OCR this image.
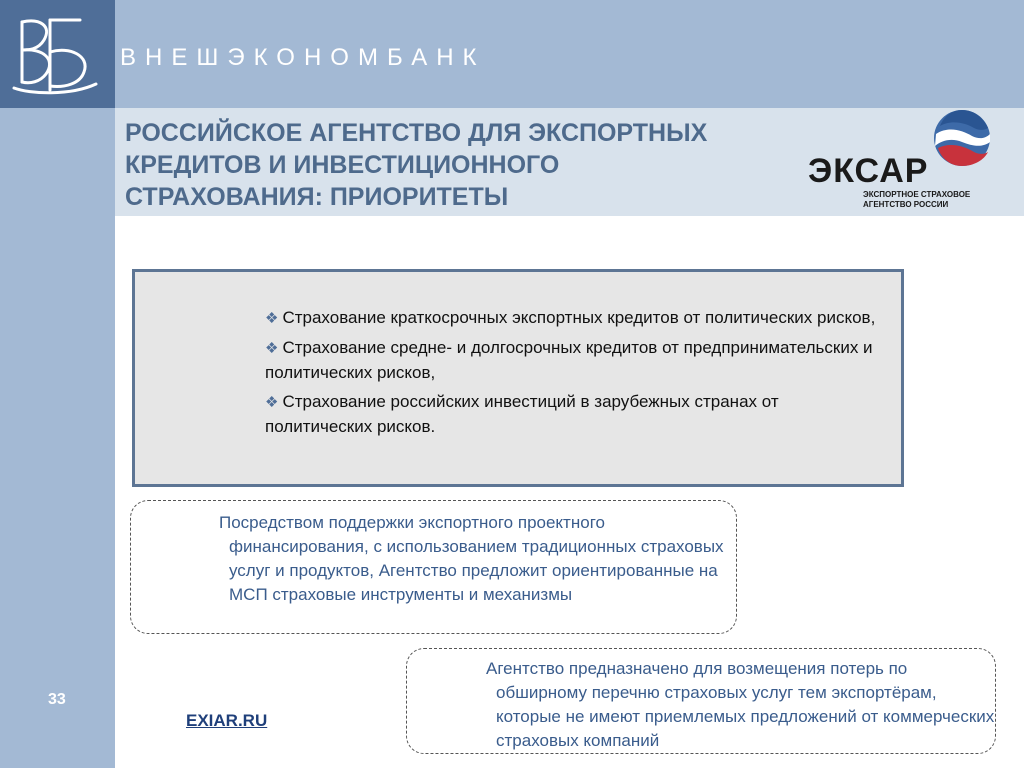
ВНЕШЭКОНОМБАНК
РОССИЙСКОЕ АГЕНТСТВО ДЛЯ ЭКСПОРТНЫХ
КРЕДИТОВ И ИНВЕСТИЦИОННОГО
СТРАХОВАНИЯ: ПРИОРИТЕТЫ
ЭКСАР
ЭКСПОРТНОЕ СТРАХОВОЕ
АГЕНТСТВО РОССИИ
❖ Страхование краткосрочных экспортных кредитов от политических рисков,
❖ Страхование средне- и долгосрочных кредитов от предпринимательских и политических рисков,
❖ Страхование российских инвестиций в зарубежных странах от политических рисков.

Посредством поддержки экспортного проектного финансирования, с использованием традиционных страховых услуг и продуктов, Агентство предложит ориентированные на МСП страховые инструменты и механизмы

Агентство предназначено для возмещения потерь по обширному перечню страховых услуг тем экспортёрам, которые не имеют приемлемых предложений от коммерческих страховых компаний

33
EXIAR.RU
